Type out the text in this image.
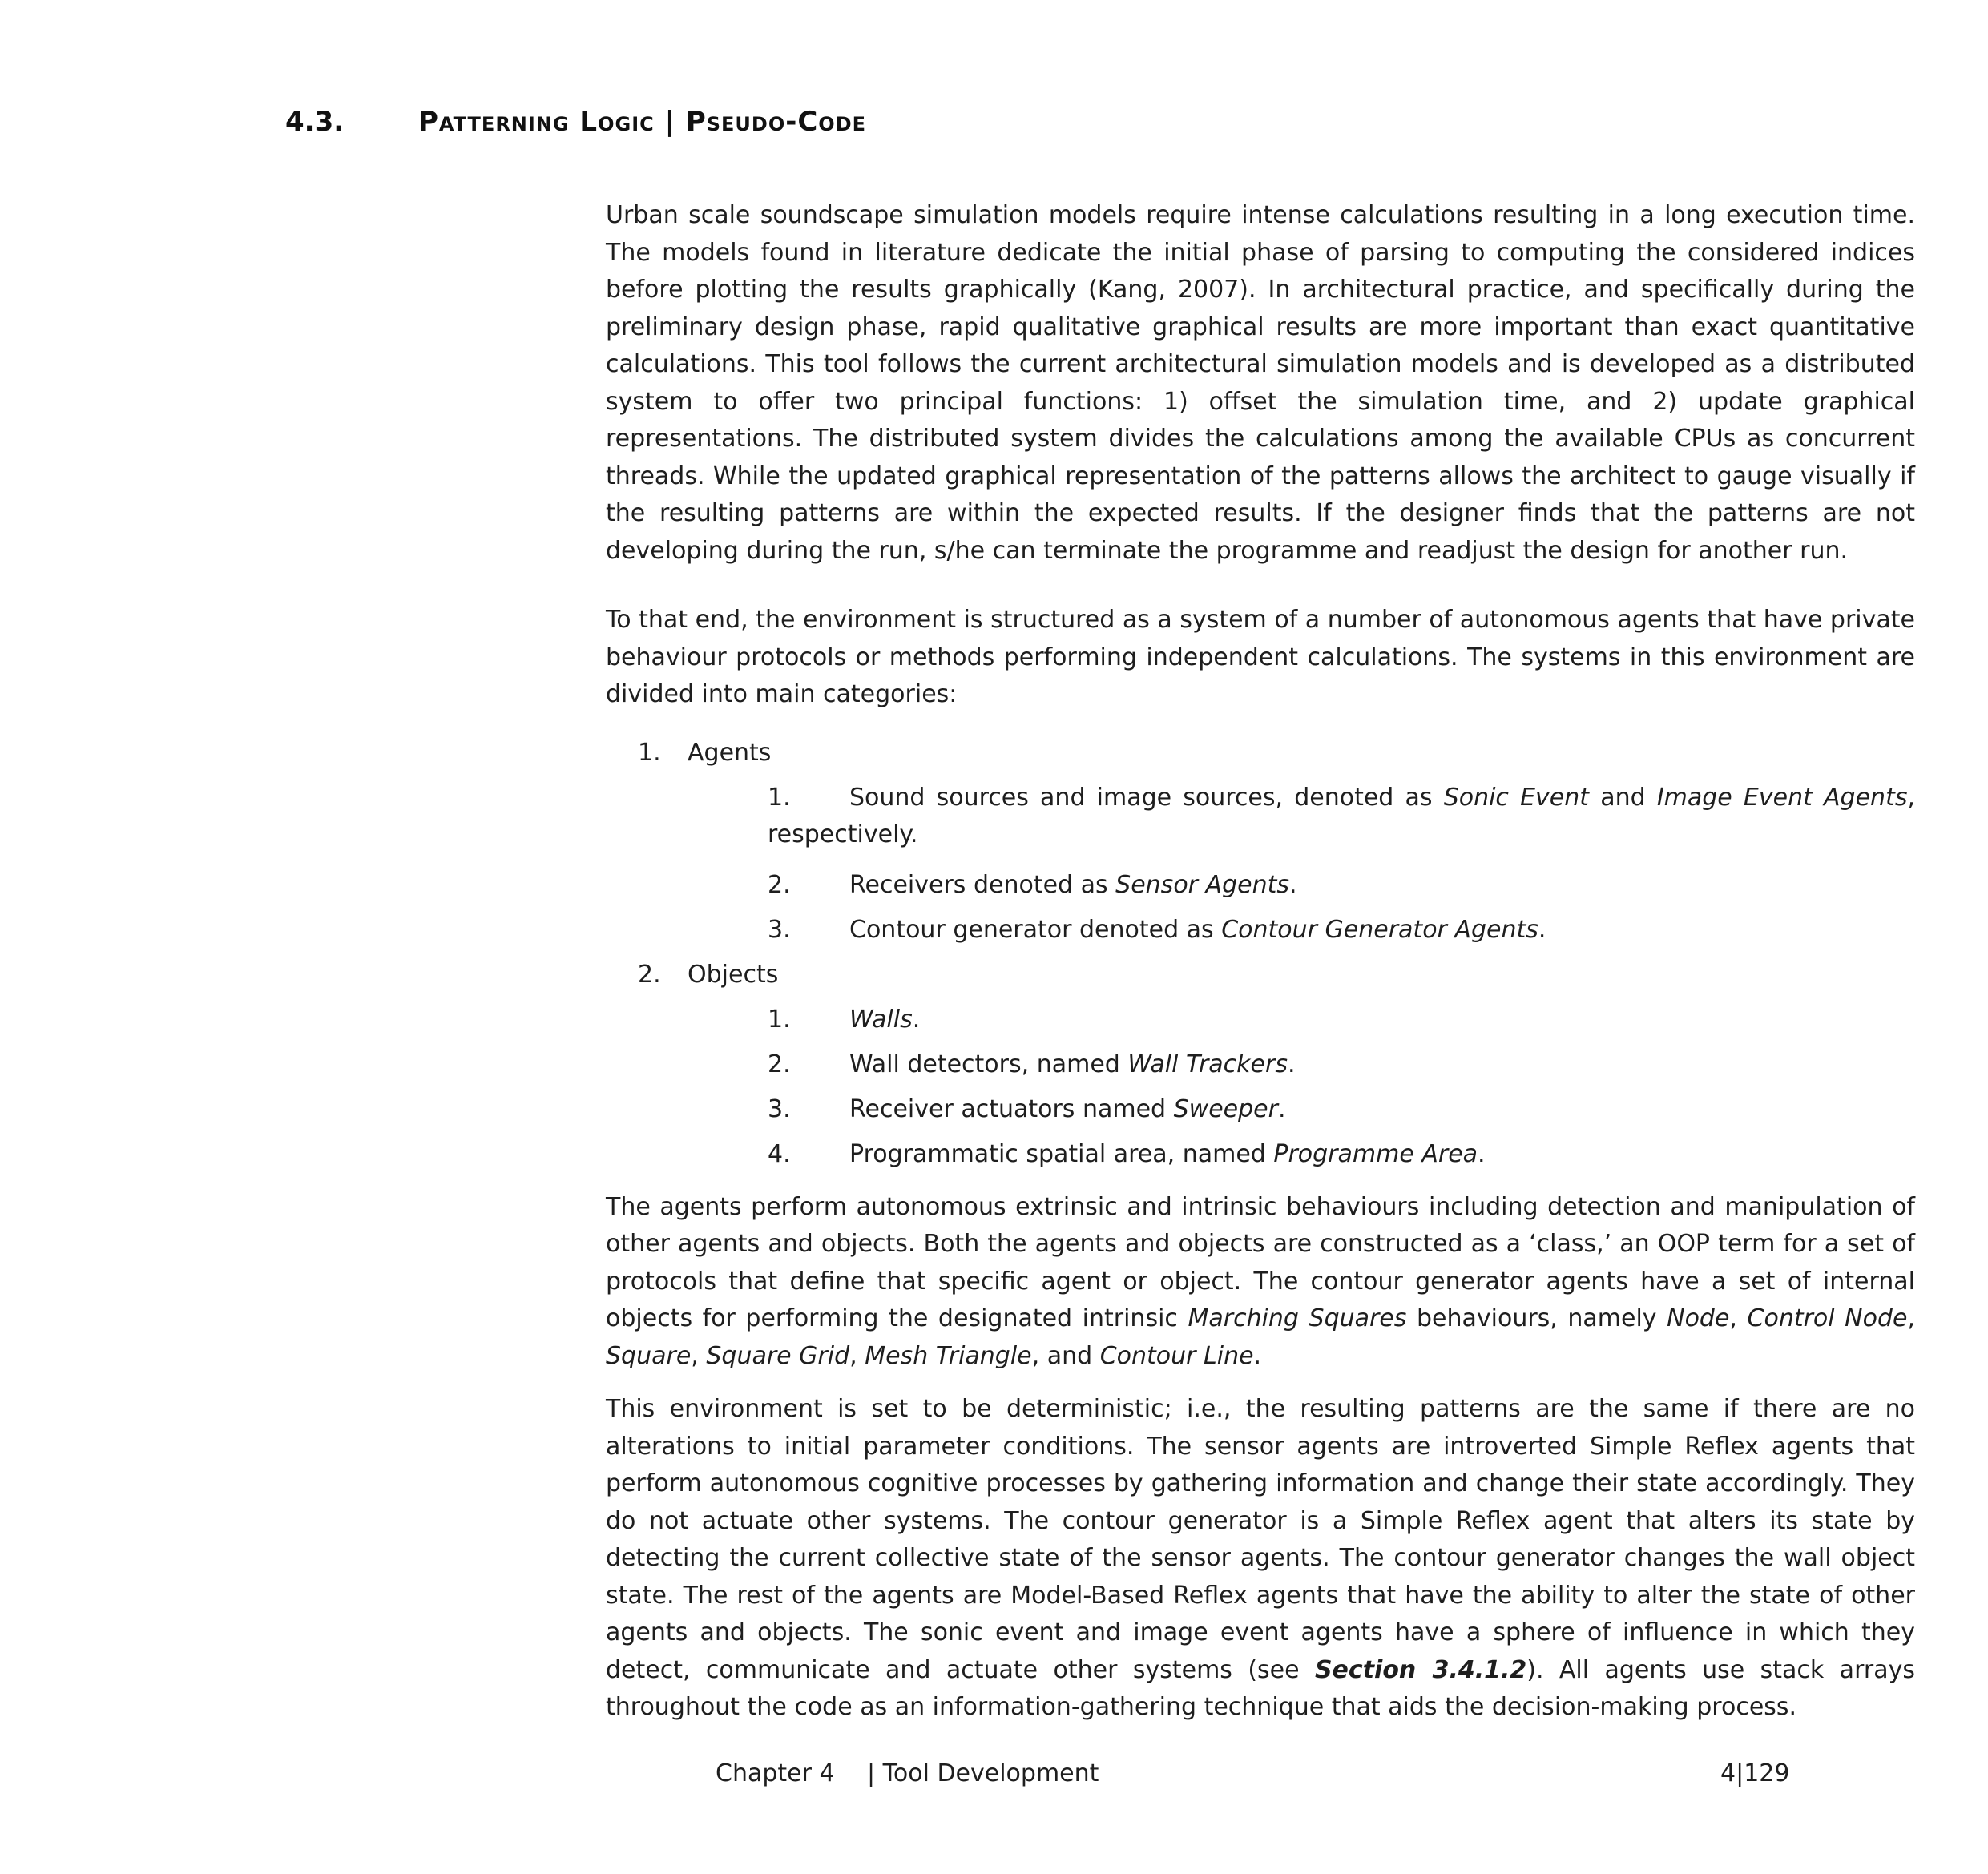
4.3.	Patterning Logic | Pseudo-Code

Urban scale soundscape simulation models require intense calculations resulting in a long execution time. The models found in literature dedicate the initial phase of parsing to computing the considered indices before plotting the results graphically (Kang, 2007). In architectural practice, and specifically during the preliminary design phase, rapid qualitative graphical results are more important than exact quantitative calculations. This tool follows the current architectural simulation models and is developed as a distributed system to offer two principal functions: 1) offset the simulation time, and 2) update graphical representations. The distributed system divides the calculations among the available CPUs as concurrent threads. While the updated graphical representation of the patterns allows the architect to gauge visually if the resulting patterns are within the expected results. If the designer finds that the patterns are not developing during the run, s/he can terminate the programme and readjust the design for another run.

To that end, the environment is structured as a system of a number of autonomous agents that have private behaviour protocols or methods performing independent calculations. The systems in this environment are divided into main categories:

1. Agents
1.	Sound sources and image sources, denoted as Sonic Event and Image Event Agents, respectively.
2.	Receivers denoted as Sensor Agents.
3.	Contour generator denoted as Contour Generator Agents.
2. Objects
1.	Walls.
2.	Wall detectors, named Wall Trackers.
3.	Receiver actuators named Sweeper.
4.	Programmatic spatial area, named Programme Area.

The agents perform autonomous extrinsic and intrinsic behaviours including detection and manipulation of other agents and objects. Both the agents and objects are constructed as a ‘class,’ an OOP term for a set of protocols that define that specific agent or object. The contour generator agents have a set of internal objects for performing the designated intrinsic Marching Squares behaviours, namely Node, Control Node, Square, Square Grid, Mesh Triangle, and Contour Line.

This environment is set to be deterministic; i.e., the resulting patterns are the same if there are no alterations to initial parameter conditions. The sensor agents are introverted Simple Reflex agents that perform autonomous cognitive processes by gathering information and change their state accordingly. They do not actuate other systems. The contour generator is a Simple Reflex agent that alters its state by detecting the current collective state of the sensor agents. The contour generator changes the wall object state. The rest of the agents are Model-Based Reflex agents that have the ability to alter the state of other agents and objects. The sonic event and image event agents have a sphere of influence in which they detect, communicate and actuate other systems (see Section 3.4.1.2). All agents use stack arrays throughout the code as an information-gathering technique that aids the decision-making process.

Chapter 4 | Tool Development	4|129
